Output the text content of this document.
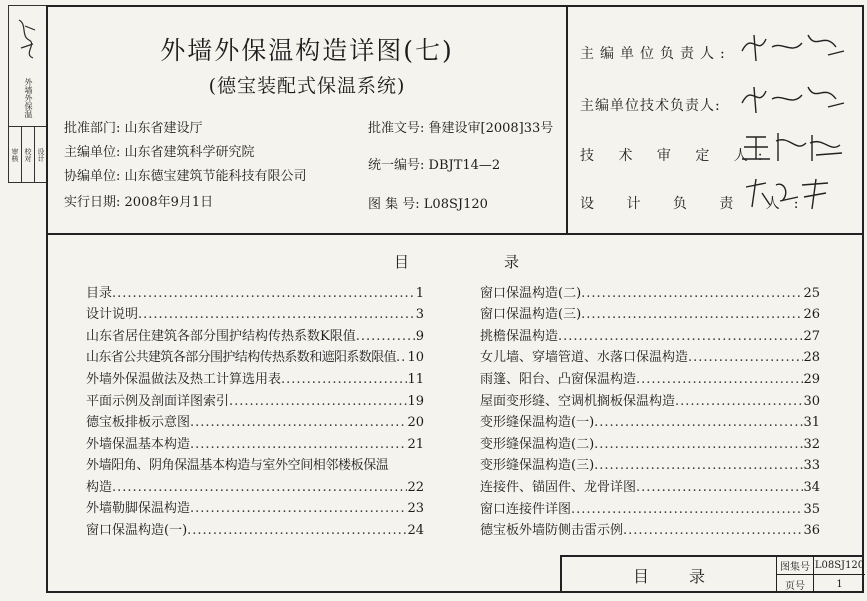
外墙外保温
审核 校对 设计
外墙外保温构造详图(七)
(德宝装配式保温系统)
批准部门: 山东省建设厅
主编单位: 山东省建筑科学研究院
协编单位: 山东德宝建筑节能科技有限公司
实行日期: 2008年9月1日
批准文号: 鲁建设审[2008]33号
统一编号: DBJT14—2
图 集 号: L08SJ120
主编单位负责人:
主编单位技术负责人:
技 术 审 定 人:
设 计 负 责 人:
目	录
目录 .....	1
设计说明 .....	3
山东省居住建筑各部分围护结构传热系数K限值 .....	9
山东省公共建筑各部分围护结构传热系数和遮阳系数限值 ..... 10
外墙外保温做法及热工计算选用表 .....	11
平面示例及剖面详图索引 .....	19
德宝板排板示意图 .....	20
外墙保温基本构造 .....	21
外墙阳角、阴角保温基本构造与室外空间相邻楼板保温
构造 .....	22
外墙勒脚保温构造 .....	23
窗口保温构造(一) .....	24
窗口保温构造(二) .....	25
窗口保温构造(三) .....	26
挑檐保温构造 .....	27
女儿墙、穿墙管道、水落口保温构造 .....	28
雨篷、阳台、凸窗保温构造 .....	29
屋面变形缝、空调机搁板保温构造 .....	30
变形缝保温构造(一) .....	31
变形缝保温构造(二) .....	32
变形缝保温构造(三) .....	33
连接件、锚固件、龙骨详图 .....	34
窗口连接件详图 .....	35
德宝板外墙防侧击雷示例 .....	36
目录	图集号 L08SJ120
页号	1
